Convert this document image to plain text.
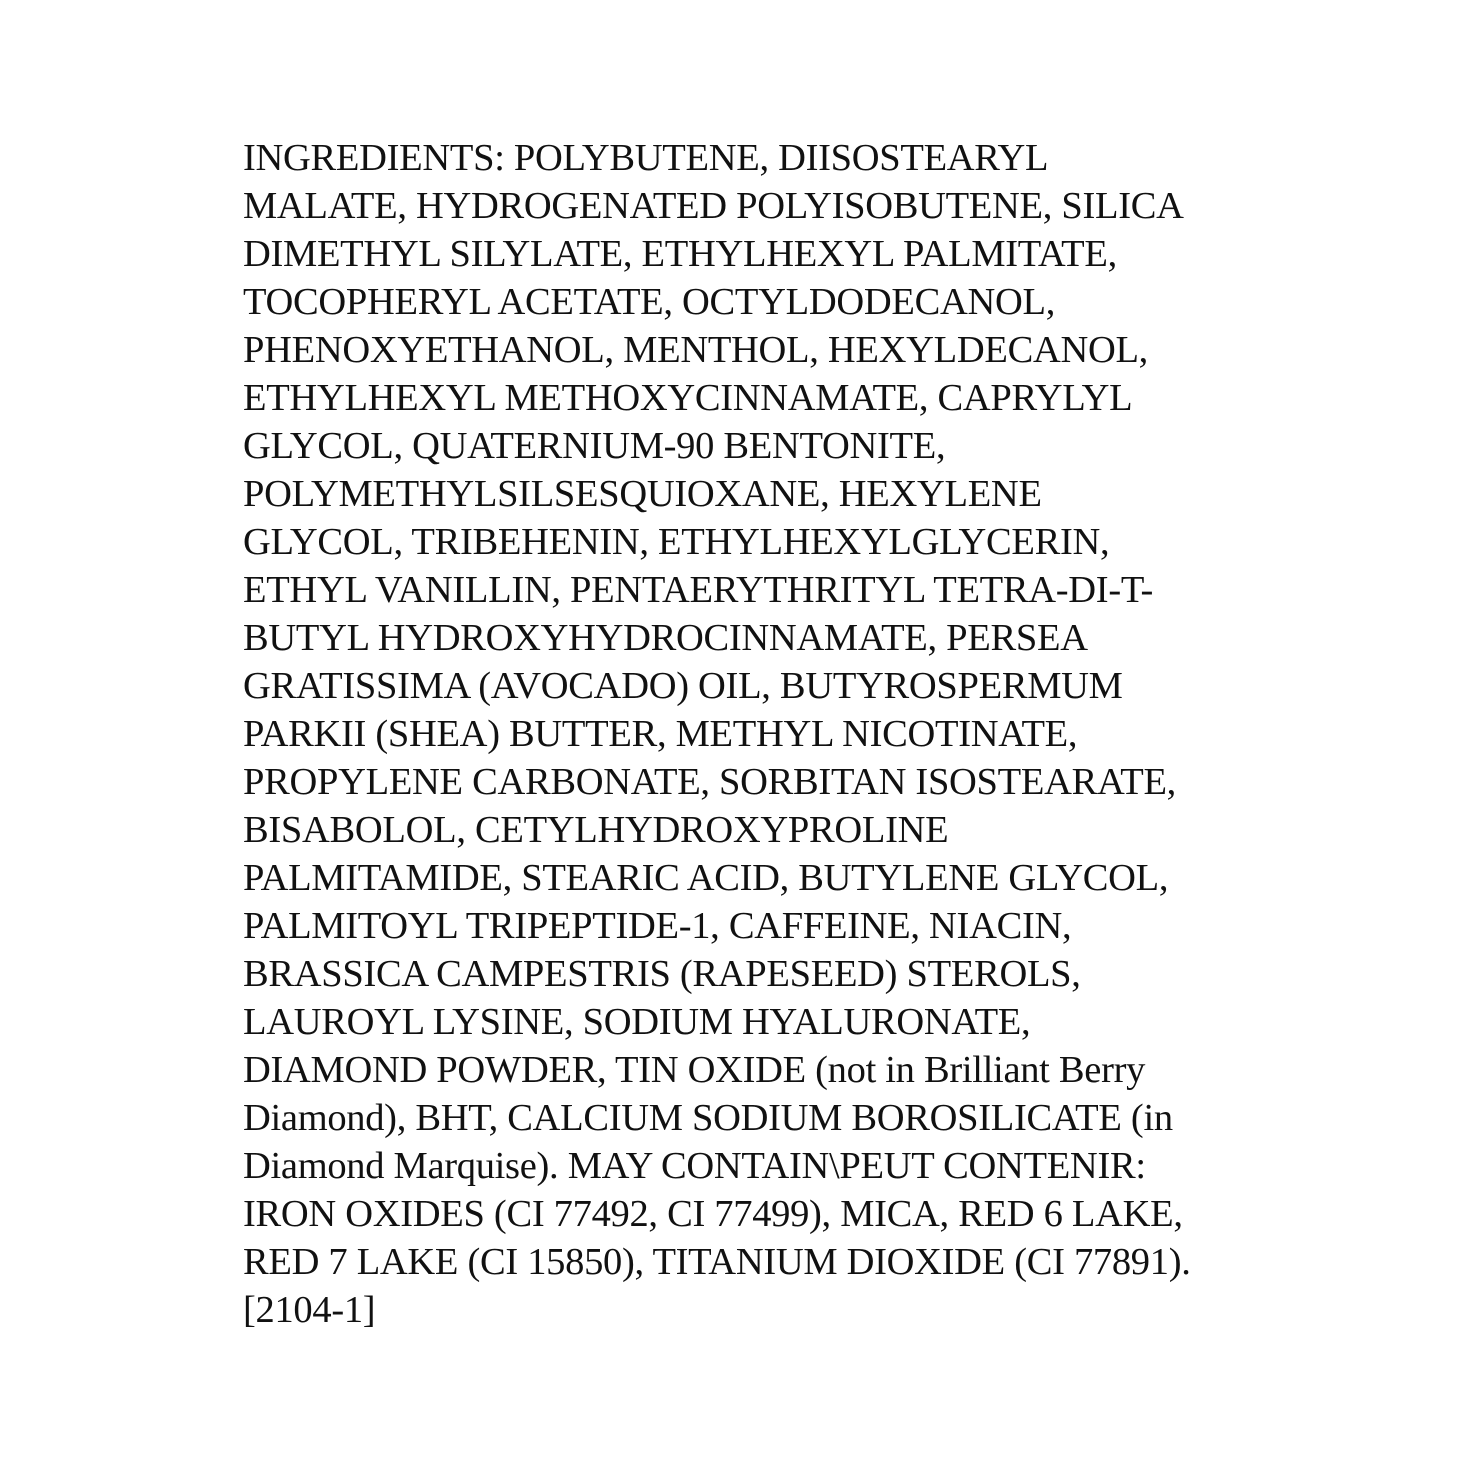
INGREDIENTS: POLYBUTENE, DIISOSTEARYL
MALATE, HYDROGENATED POLYISOBUTENE, SILICA
DIMETHYL SILYLATE, ETHYLHEXYL PALMITATE,
TOCOPHERYL ACETATE, OCTYLDODECANOL,
PHENOXYETHANOL, MENTHOL, HEXYLDECANOL,
ETHYLHEXYL METHOXYCINNAMATE, CAPRYLYL
GLYCOL, QUATERNIUM-90 BENTONITE,
POLYMETHYLSILSESQUIOXANE, HEXYLENE
GLYCOL, TRIBEHENIN, ETHYLHEXYLGLYCERIN,
ETHYL VANILLIN, PENTAERYTHRITYL TETRA-DI-T-
BUTYL HYDROXYHYDROCINNAMATE, PERSEA
GRATISSIMA (AVOCADO) OIL, BUTYROSPERMUM
PARKII (SHEA) BUTTER, METHYL NICOTINATE,
PROPYLENE CARBONATE, SORBITAN ISOSTEARATE,
BISABOLOL, CETYLHYDROXYPROLINE
PALMITAMIDE, STEARIC ACID, BUTYLENE GLYCOL,
PALMITOYL TRIPEPTIDE-1, CAFFEINE, NIACIN,
BRASSICA CAMPESTRIS (RAPESEED) STEROLS,
LAUROYL LYSINE, SODIUM HYALURONATE,
DIAMOND POWDER, TIN OXIDE (not in Brilliant Berry
Diamond), BHT, CALCIUM SODIUM BOROSILICATE (in
Diamond Marquise). MAY CONTAIN\PEUT CONTENIR:
IRON OXIDES (CI 77492, CI 77499), MICA, RED 6 LAKE,
RED 7 LAKE (CI 15850), TITANIUM DIOXIDE (CI 77891).
[2104-1]
